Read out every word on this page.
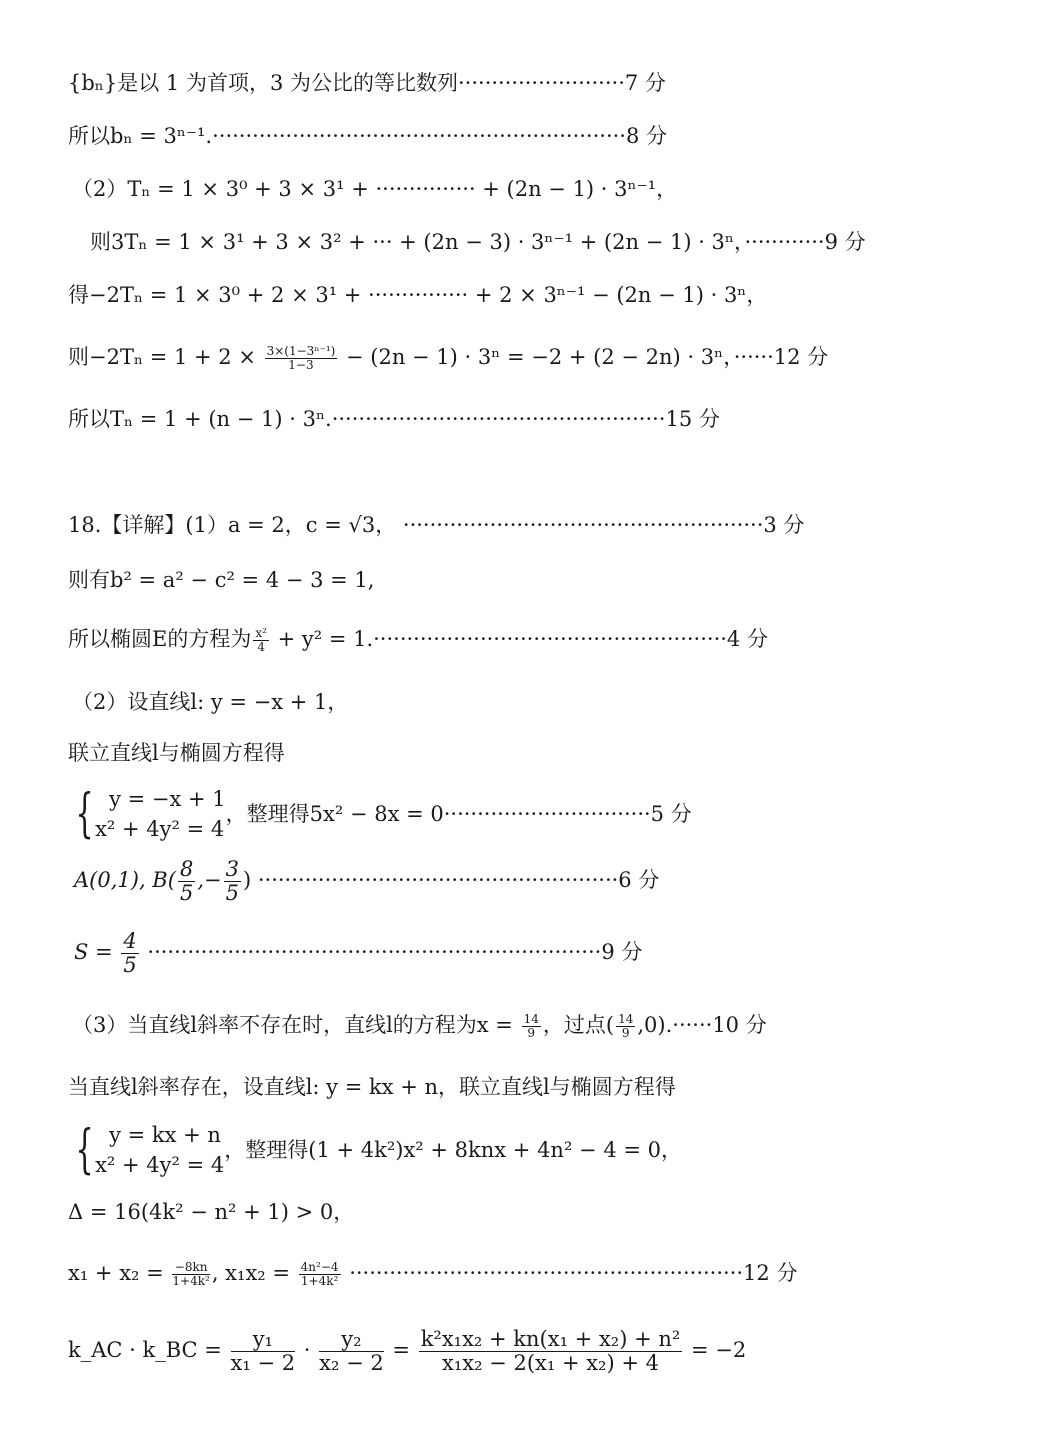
{bₙ}是以 1 为首项，3 为公比的等比数列·························7 分
所以bₙ = 3ⁿ⁻¹.······························································8 分
（2）Tₙ = 1 × 3⁰ + 3 × 3¹ + ··············· + (2n − 1) · 3ⁿ⁻¹，
则3Tₙ = 1 × 3¹ + 3 × 3² + ··· + (2n − 3) · 3ⁿ⁻¹ + (2n − 1) · 3ⁿ，············9 分
得−2Tₙ = 1 × 3⁰ + 2 × 3¹ + ··············· + 2 × 3ⁿ⁻¹ − (2n − 1) · 3ⁿ，
则$-2T_n = 1 + 2 \times \frac{\text{3×(1−3ⁿ⁻¹)}}{1-3} - (2n - 1) \cdot 3^n = -2 + (2 - 2n) \cdot 3^n$，······12 分
所以Tₙ = 1 + (n − 1) · 3ⁿ.··················································15 分
18.【详解】(1）a = 2，c = √3， ······················································3 分
则有b² = a² − c² = 4 − 3 = 1,
所以椭圆E的方程为 $\frac{\text{x²}}{4} + y^2 = 1.\cdot\cdot\cdot\cdot\cdot\cdot\cdot\cdot\cdot\cdot\cdot\cdot\cdot\cdot\cdot\cdot\cdot\cdot\cdot\cdot\cdot\cdot\cdot\cdot\cdot\cdot\cdot\cdot\cdot\cdot\cdot\cdot\cdot\cdot\cdot\cdot\cdot\cdot\cdot\cdot\cdot\cdot\cdot\cdot\cdot\cdot\cdot\cdot\cdot\cdot\cdot\cdot\cdot 4$ 分
（2）设直线l: y = −x + 1，
联立直线l与椭圆方程得
{ y = −x + 1
x² + 4y² = 4
，整理得5x² − 8x = 0·······························5 分
A(0,1), $B( \frac{8}{5}$ ,− $\frac{3}{5}$ ) ······················································6 分
$S = \frac{4}{5} \cdot\cdot\cdot\cdot\cdot\cdot\cdot\cdot\cdot\cdot\cdot\cdot\cdot\cdot\cdot\cdot\cdot\cdot\cdot\cdot\cdot\cdot\cdot\cdot\cdot\cdot\cdot\cdot\cdot\cdot\cdot\cdot\cdot\cdot\cdot\cdot\cdot\cdot\cdot\cdot\cdot\cdot\cdot\cdot\cdot\cdot\cdot\cdot\cdot\cdot\cdot\cdot\cdot\cdot\cdot\cdot\cdot\cdot\cdot\cdot\cdot\cdot\cdot\cdot\cdot\cdot\cdot\cdot 9$ 分
（3）当直线l斜率不存在时，直线l的方程为$x = \frac{14}{9}$ ，过点( $\frac{14}{9} ,0).\cdot\cdot\cdot\cdot\cdot\cdot 10$ 分
当直线l斜率存在，设直线l: y = kx + n，联立直线l与椭圆方程得
{ y = kx + n
x² + 4y² = 4
，整理得(1 + 4k²)x² + 8knx + 4n² − 4 = 0，
Δ = 16(4k² − n² + 1) > 0，
$x_1 + x_2 = \frac{-8kn}{\text{1+4k²}}$ , $x_1x_2 = \frac{\text{4n²−4}}{\text{1+4k²}} \cdot\cdot\cdot\cdot\cdot\cdot\cdot\cdot\cdot\cdot\cdot\cdot\cdot\cdot\cdot\cdot\cdot\cdot\cdot\cdot\cdot\cdot\cdot\cdot\cdot\cdot\cdot\cdot\cdot\cdot\cdot\cdot\cdot\cdot\cdot\cdot\cdot\cdot\cdot\cdot\cdot\cdot\cdot\cdot\cdot\cdot\cdot\cdot\cdot\cdot\cdot\cdot\cdot\cdot\cdot\cdot\cdot\cdot\cdot 12$ 分
k_AC · k_BC = $\frac{\text{y₁}}{\text{x₁ − 2}} \cdot \frac{\text{y₂}}{\text{x₂ − 2}} = \frac{\text{k²x₁x₂ + kn(x₁ + x₂) + n²}}{\text{x₁x₂ − 2(x₁ + x₂) + 4}} = -2$
